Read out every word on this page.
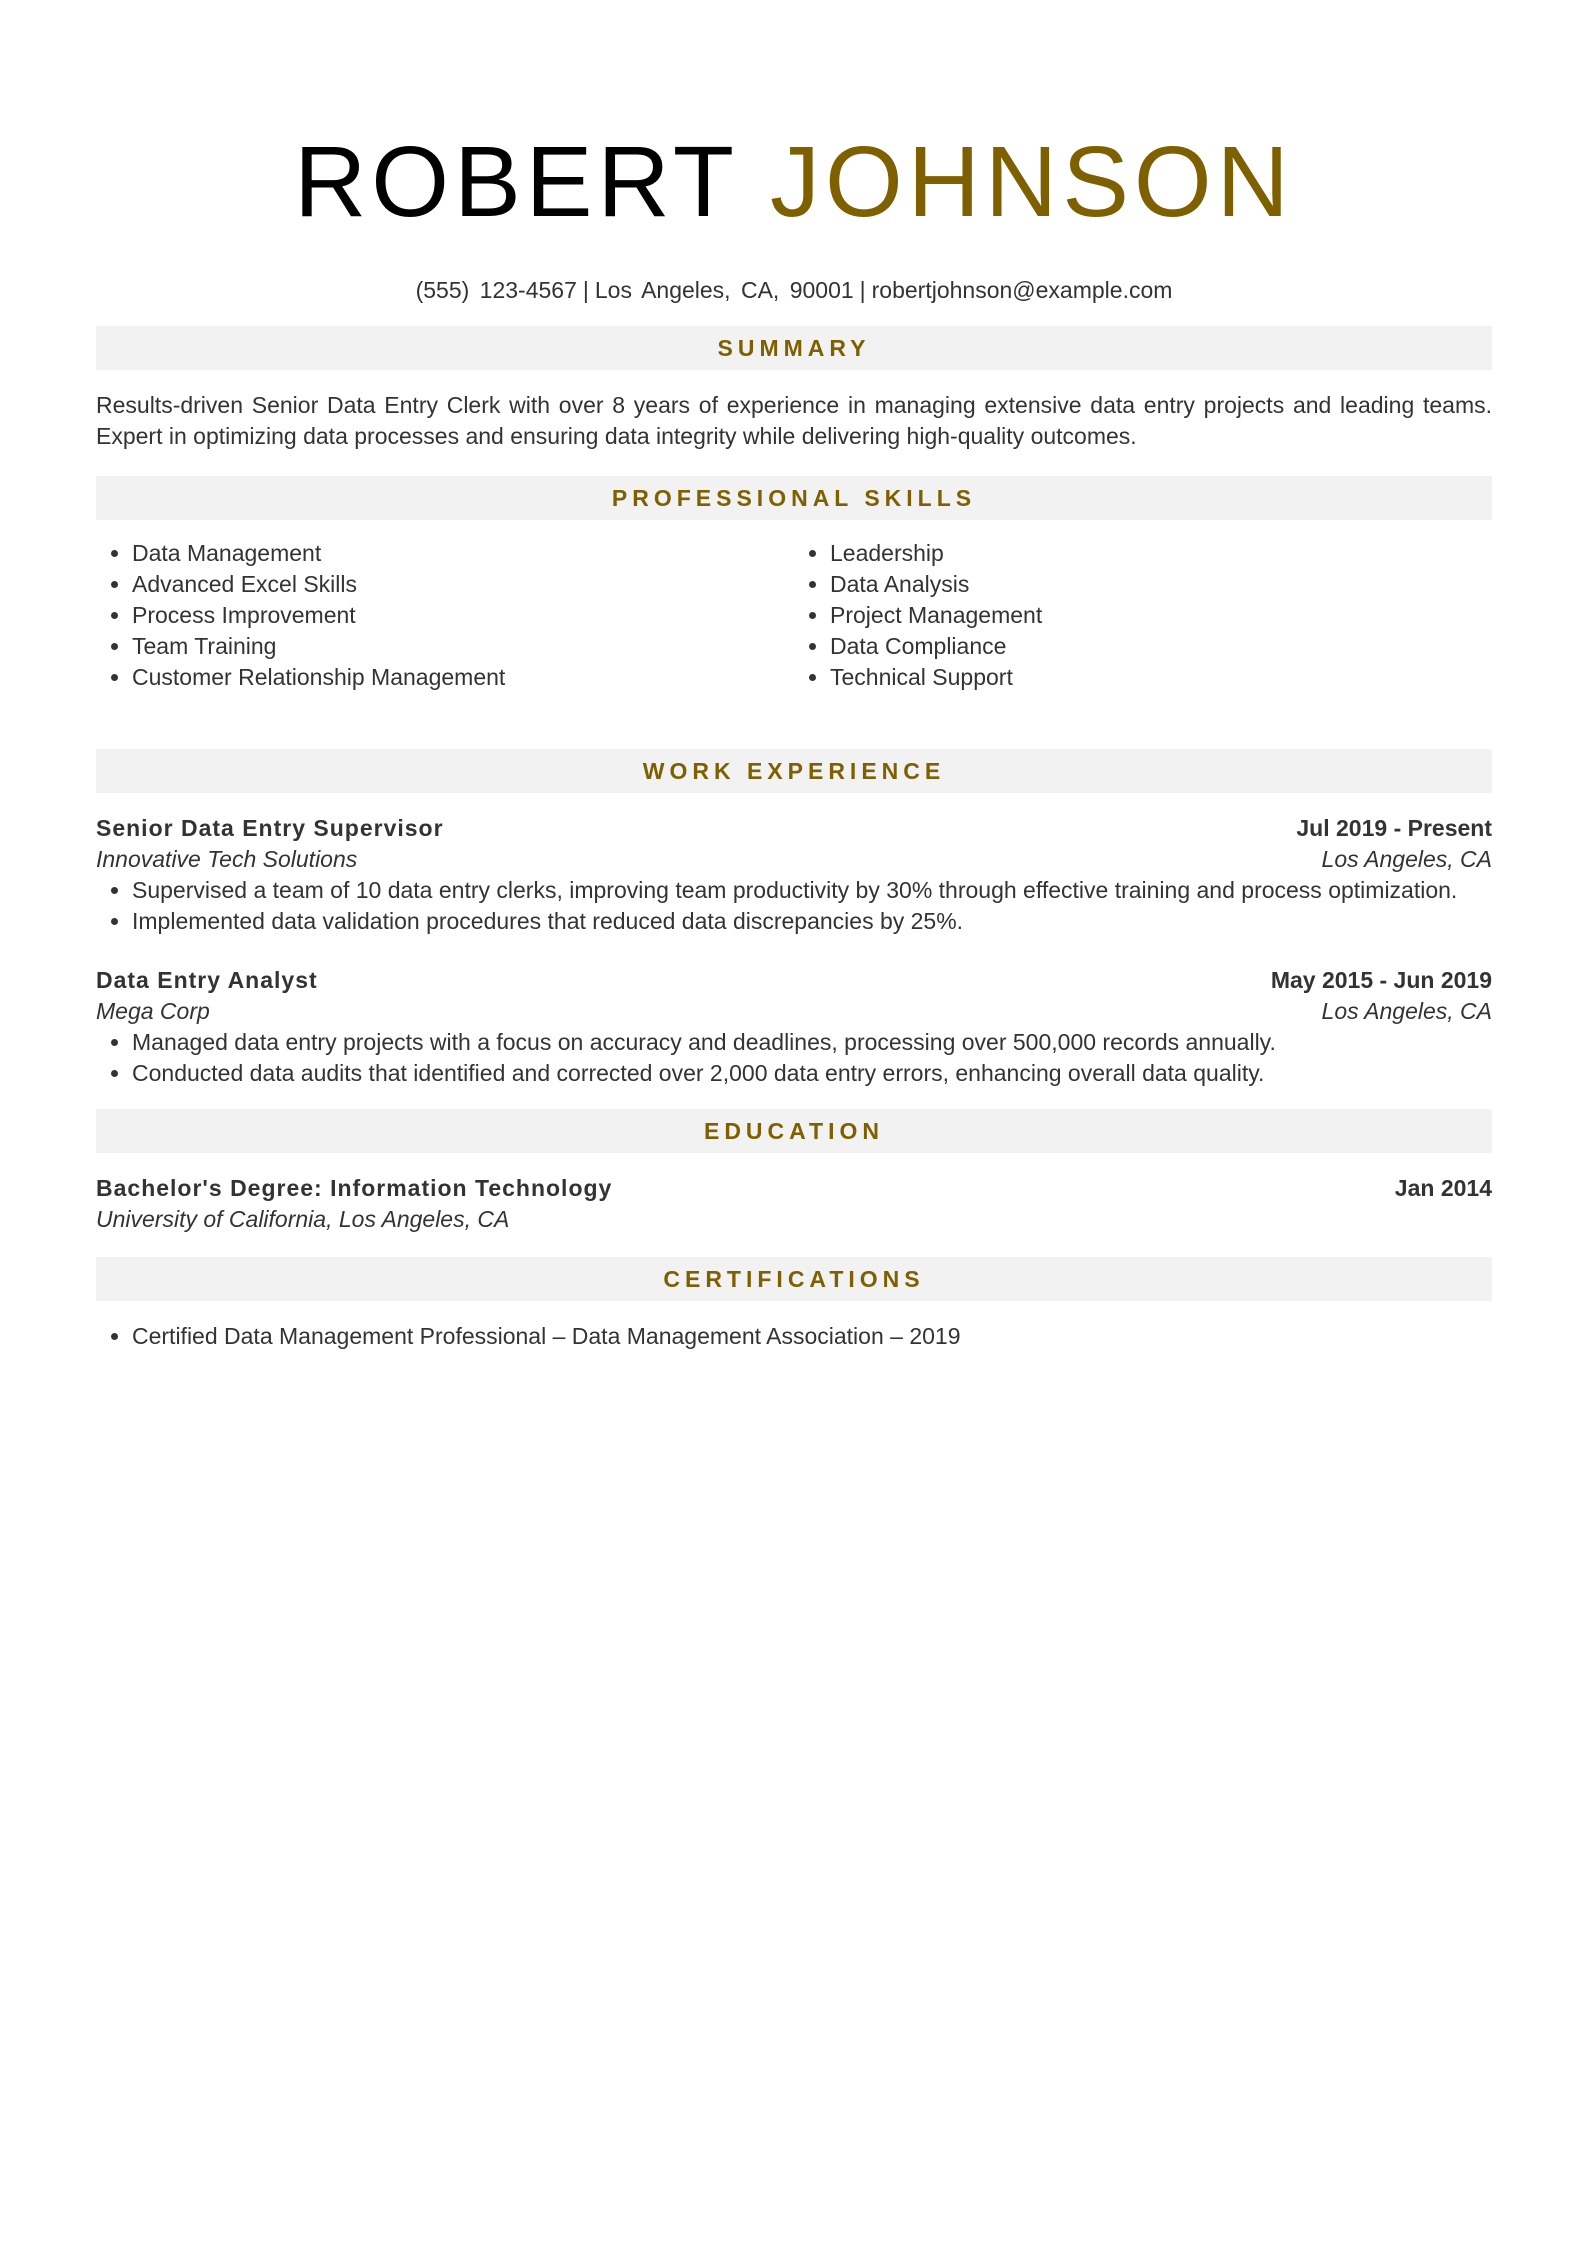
ROBERT JOHNSON
(555) 123-4567 | Los Angeles, CA, 90001 | robertjohnson@example.com
SUMMARY

Results-driven Senior Data Entry Clerk with over 8 years of experience in managing extensive data entry projects and leading teams. Expert in optimizing data processes and ensuring data integrity while delivering high-quality outcomes.

PROFESSIONAL SKILLS
• Data Management
• Advanced Excel Skills
• Process Improvement
• Team Training
• Customer Relationship Management
• Leadership
• Data Analysis
• Project Management
• Data Compliance
• Technical Support
WORK EXPERIENCE
Senior Data Entry Supervisor	Jul 2019 - Present
Innovative Tech Solutions	Los Angeles, CA
• Supervised a team of 10 data entry clerks, improving team productivity by 30% through effective training and process optimization.
• Implemented data validation procedures that reduced data discrepancies by 25%.
Data Entry Analyst	May 2015 - Jun 2019
Mega Corp	Los Angeles, CA
• Managed data entry projects with a focus on accuracy and deadlines, processing over 500,000 records annually.
• Conducted data audits that identified and corrected over 2,000 data entry errors, enhancing overall data quality.
EDUCATION
Bachelor's Degree: Information Technology	Jan 2014
University of California, Los Angeles, CA
CERTIFICATIONS
• Certified Data Management Professional – Data Management Association – 2019
